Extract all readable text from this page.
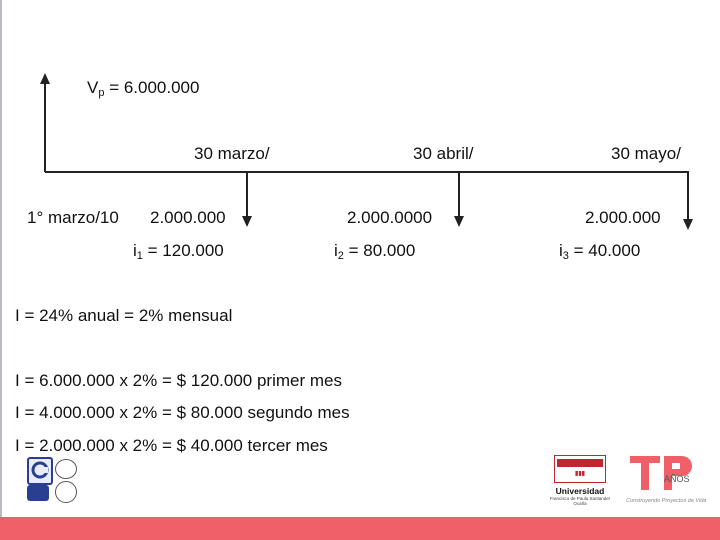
$V_p = 6.000.000$
30 marzo/	30 abril/	30 mayo/
1° marzo/10 2.000.000	2.000.0000	2.000.000
$i_1 = 120.000$	$i_2 = 80.000$	$i_3 = 40.000$
I = 24% anual = 2% mensual
I = 6.000.000 x 2% = $ 120.000 primer mes
I = 4.000.000 x 2% = $ 80.000 segundo mes
I = 2.000.000 x 2% = $ 40.000 tercer mes
▮▮▮
Universidad
Francisco de Paula Santander Ocaña
AÑOS
Construyendo Proyectos de Vida
